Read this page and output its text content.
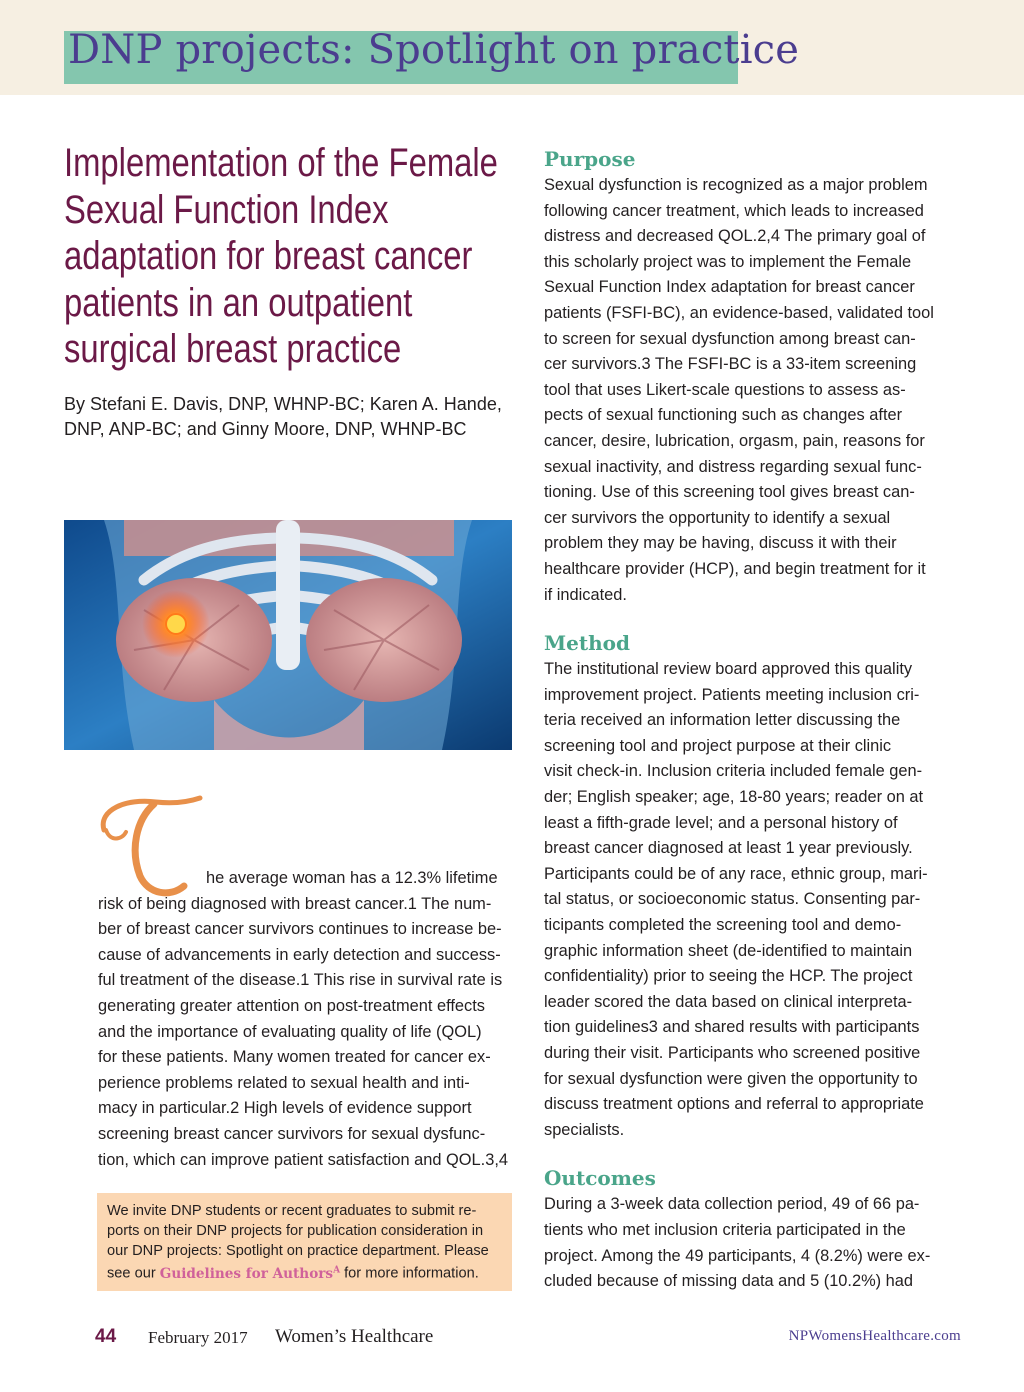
DNP projects: Spotlight on practice
Implementation of the Female
Sexual Function Index
adaptation for breast cancer
patients in an outpatient
surgical breast practice
By Stefani E. Davis, DNP, WHNP-BC; Karen A. Hande,
DNP, ANP-BC; and Ginny Moore, DNP, WHNP-BC
he average woman has a 12.3% lifetime
risk of being diagnosed with breast cancer.1 The num-
ber of breast cancer survivors continues to increase be-
cause of advancements in early detection and success-
ful treatment of the disease.1 This rise in survival rate is
generating greater attention on post-treatment effects
and the importance of evaluating quality of life (QOL)
for these patients. Many women treated for cancer ex-
perience problems related to sexual health and inti-
macy in particular.2 High levels of evidence support
screening breast cancer survivors for sexual dysfunc-
tion, which can improve patient satisfaction and QOL.3,4
We invite DNP students or recent graduates to submit re-
ports on their DNP projects for publication consideration in
our DNP projects: Spotlight on practice department. Please
see our Guidelines for Authors$^A$ for more information.
Purpose
Sexual dysfunction is recognized as a major problem
following cancer treatment, which leads to increased
distress and decreased QOL.2,4 The primary goal of
this scholarly project was to implement the Female
Sexual Function Index adaptation for breast cancer
patients (FSFI-BC), an evidence-based, validated tool
to screen for sexual dysfunction among breast can-
cer survivors.3 The FSFI-BC is a 33-item screening
tool that uses Likert-scale questions to assess as-
pects of sexual functioning such as changes after
cancer, desire, lubrication, orgasm, pain, reasons for
sexual inactivity, and distress regarding sexual func-
tioning. Use of this screening tool gives breast can-
cer survivors the opportunity to identify a sexual
problem they may be having, discuss it with their
healthcare provider (HCP), and begin treatment for it
if indicated.
Method
The institutional review board approved this quality
improvement project. Patients meeting inclusion cri-
teria received an information letter discussing the
screening tool and project purpose at their clinic
visit check-in. Inclusion criteria included female gen-
der; English speaker; age, 18-80 years; reader on at
least a fifth-grade level; and a personal history of
breast cancer diagnosed at least 1 year previously.
Participants could be of any race, ethnic group, mari-
tal status, or socioeconomic status. Consenting par-
ticipants completed the screening tool and demo-
graphic information sheet (de-identified to maintain
confidentiality) prior to seeing the HCP. The project
leader scored the data based on clinical interpreta-
tion guidelines3 and shared results with participants
during their visit. Participants who screened positive
for sexual dysfunction were given the opportunity to
discuss treatment options and referral to appropriate
specialists.
Outcomes
During a 3-week data collection period, 49 of 66 pa-
tients who met inclusion criteria participated in the
project. Among the 49 participants, 4 (8.2%) were ex-
cluded because of missing data and 5 (10.2%) had
44 February 2017 Women’s Healthcare	NPWomensHealthcare.com
